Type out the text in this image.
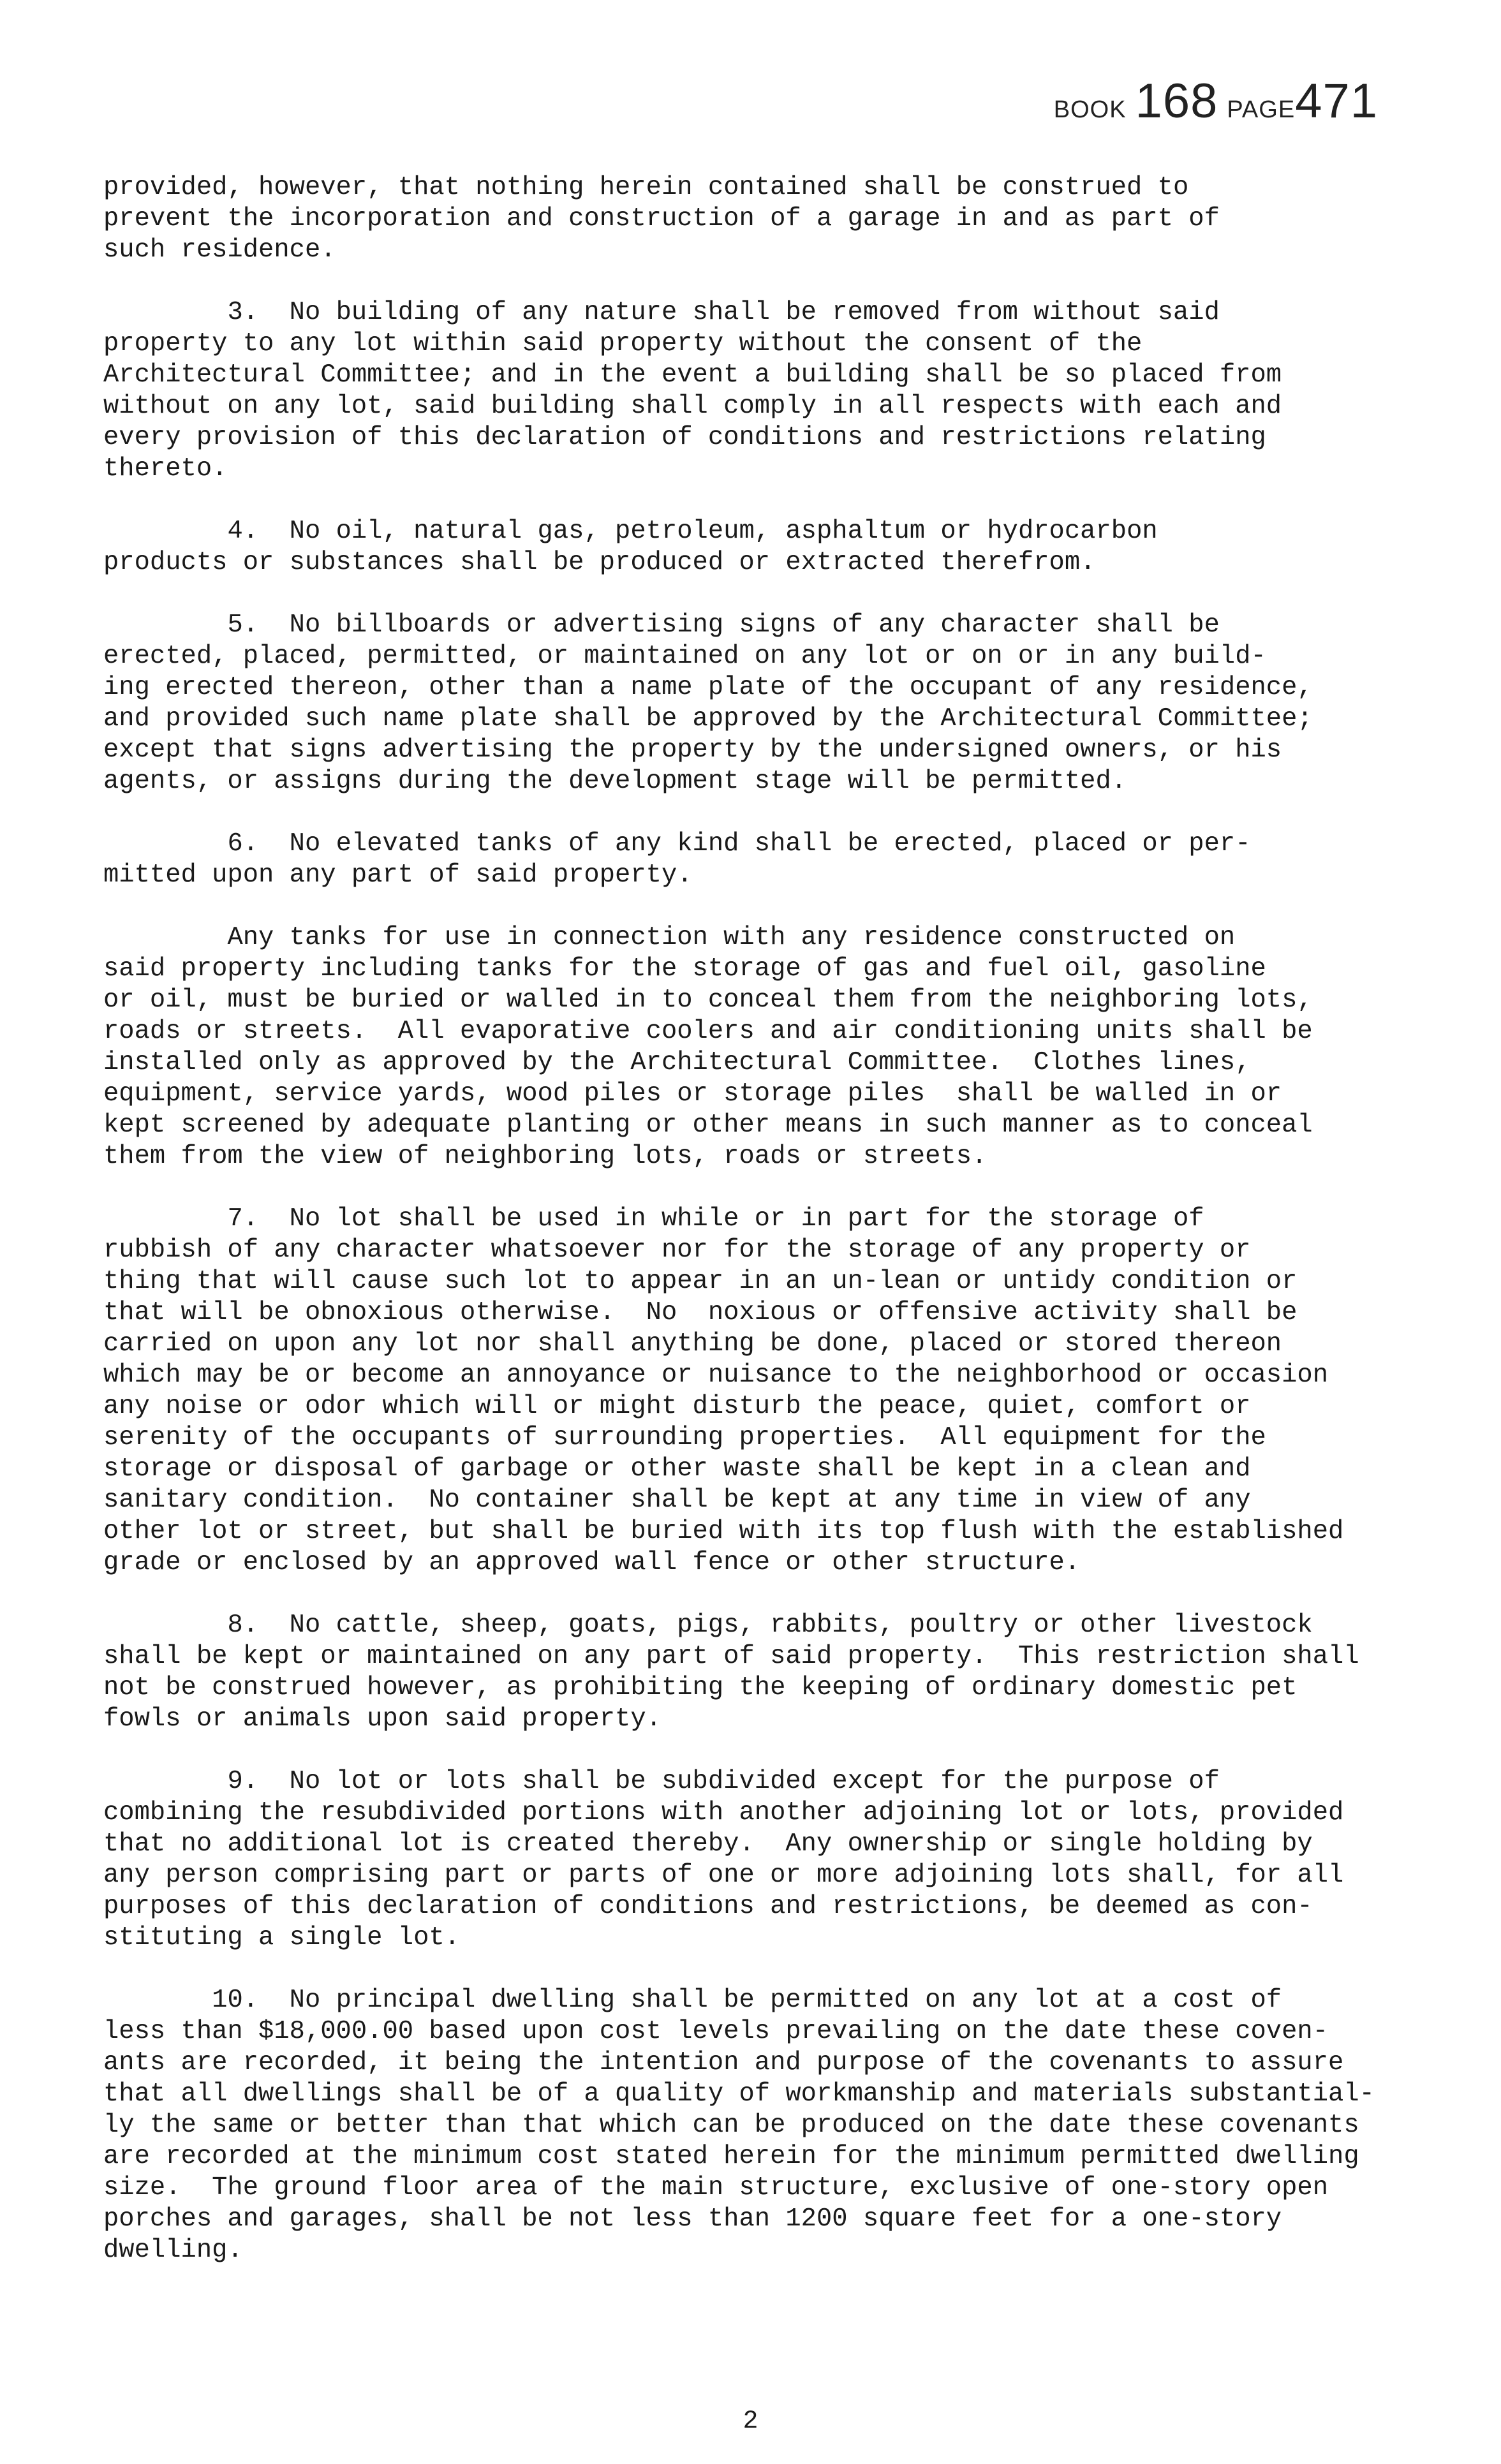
BOOK 168 PAGE471

provided, however, that nothing herein contained shall be construed to
prevent the incorporation and construction of a garage in and as part of
such residence.

3.  No building of any nature shall be removed from without said
property to any lot within said property without the consent of the
Architectural Committee; and in the event a building shall be so placed from
without on any lot, said building shall comply in all respects with each and
every provision of this declaration of conditions and restrictions relating
thereto.

4.  No oil, natural gas, petroleum, asphaltum or hydrocarbon
products or substances shall be produced or extracted therefrom.

5.  No billboards or advertising signs of any character shall be
erected, placed, permitted, or maintained on any lot or on or in any build-
ing erected thereon, other than a name plate of the occupant of any residence,
and provided such name plate shall be approved by the Architectural Committee;
except that signs advertising the property by the undersigned owners, or his
agents, or assigns during the development stage will be permitted.

6.  No elevated tanks of any kind shall be erected, placed or per-
mitted upon any part of said property.

Any tanks for use in connection with any residence constructed on
said property including tanks for the storage of gas and fuel oil, gasoline
or oil, must be buried or walled in to conceal them from the neighboring lots,
roads or streets.  All evaporative coolers and air conditioning units shall be
installed only as approved by the Architectural Committee.  Clothes lines,
equipment, service yards, wood piles or storage piles  shall be walled in or
kept screened by adequate planting or other means in such manner as to conceal
them from the view of neighboring lots, roads or streets.

7.  No lot shall be used in while or in part for the storage of
rubbish of any character whatsoever nor for the storage of any property or
thing that will cause such lot to appear in an un-lean or untidy condition or
that will be obnoxious otherwise.  No  noxious or offensive activity shall be
carried on upon any lot nor shall anything be done, placed or stored thereon
which may be or become an annoyance or nuisance to the neighborhood or occasion
any noise or odor which will or might disturb the peace, quiet, comfort or
serenity of the occupants of surrounding properties.  All equipment for the
storage or disposal of garbage or other waste shall be kept in a clean and
sanitary condition.  No container shall be kept at any time in view of any
other lot or street, but shall be buried with its top flush with the established
grade or enclosed by an approved wall fence or other structure.

8.  No cattle, sheep, goats, pigs, rabbits, poultry or other livestock
shall be kept or maintained on any part of said property.  This restriction shall
not be construed however, as prohibiting the keeping of ordinary domestic pet
fowls or animals upon said property.

9.  No lot or lots shall be subdivided except for the purpose of
combining the resubdivided portions with another adjoining lot or lots, provided
that no additional lot is created thereby.  Any ownership or single holding by
any person comprising part or parts of one or more adjoining lots shall, for all
purposes of this declaration of conditions and restrictions, be deemed as con-
stituting a single lot.

10.  No principal dwelling shall be permitted on any lot at a cost of
less than $18,000.00 based upon cost levels prevailing on the date these coven-
ants are recorded, it being the intention and purpose of the covenants to assure
that all dwellings shall be of a quality of workmanship and materials substantial-
ly the same or better than that which can be produced on the date these covenants
are recorded at the minimum cost stated herein for the minimum permitted dwelling
size.  The ground floor area of the main structure, exclusive of one-story open
porches and garages, shall be not less than 1200 square feet for a one-story
dwelling.

2
